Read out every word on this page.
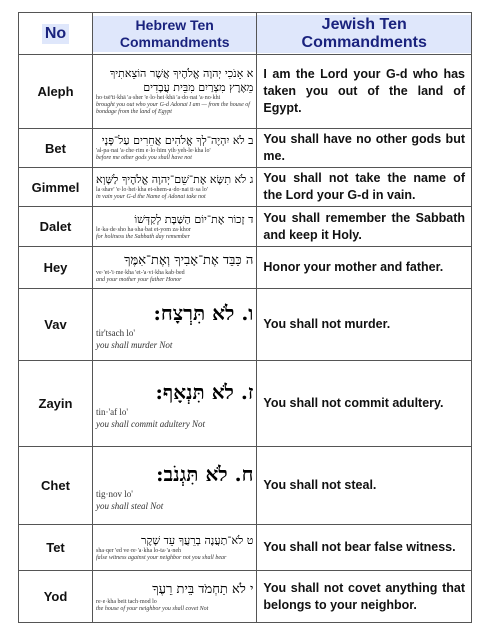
No	Hebrew Ten Commandments	Jewish Ten Commandments
Aleph	א אָנֹכִי יְהוָה אֱלֹהֶיךָ אֲשֶׁר הוֹצֵאתִיךָ מֵאֶרֶץ מִצְרַיִם מִבֵּית עֲבָדִים
ho·tsē'ti·khā 'a·sher 'e·lo·hei·khā 'a·do·nai 'a·no·khi
brought you out who your G-d Adonai I am — from the house of bondage from the land of Egypt	I am the Lord your G-d who has taken you out of the land of Egypt.
Bet	ב לֹא יִהְיֶה־לְךָ אֱלֹהִים אֲחֵרִים עַל־פָּנָי
'al-pa·nai 'a·che·rim e·lo·him yih·yeh-le·kha lo'
before me other gods you shall have not	You shall have no other gods but me.
Gimmel	ג לֹא תִשָּׂא אֶת־שֵׁם־יְהוָה אֱלֹהֶיךָ לַשָּׁוְא
la·shav' 'e·lo·hei·kha et-shem-a·do·nai ti·sa lo'
in vain your G-d the Name of Adonai take not	You shall not take the name of the Lord your G-d in vain.
Dalet	ד זָכוֹר אֶת־יוֹם הַשַּׁבָּת לְקַדְּשׁוֹ
le·ka·de·sho ha·sha·bat et-yom za·khor
for holiness the Sabbath day remember	You shall remember the Sabbath and keep it Holy.
Hey	ה כַּבֵּד אֶת־אָבִיךָ וְאֶת־אִמֶּךָ
ve·'et-'i·me·kha 'et-'a·vi·kha kab·bed
and your mother your father Honor	Honor your mother and father.
Vav	ו. לֹא תִּרְצָח:
tir'tsach lo'
you shall murder Not	You shall not murder.
Zayin	ז. לֹא תִּנְאָף:
tin·'af lo'
you shall commit adultery Not	You shall not commit adultery.
Chet	ח. לֹא תִּגְנֹב:
tig·nov lo'
you shall steal Not	You shall not steal.
Tet	ט לֹא־תַעֲנֶה בְרֵעֲךָ עֵד שָׁקֶר
sha·qer 'ed ve·re·'a·kha lo-ta·'a·neh
false witness against your neighbor not you shall bear	You shall not bear false witness.
Yod	י לֹא תַחְמֹד בֵּית רֵעֶךָ
re·e·kha beit tach·mod lo
the house of your neighbor you shall covet Not	You shall not covet anything that belongs to your neighbor.
